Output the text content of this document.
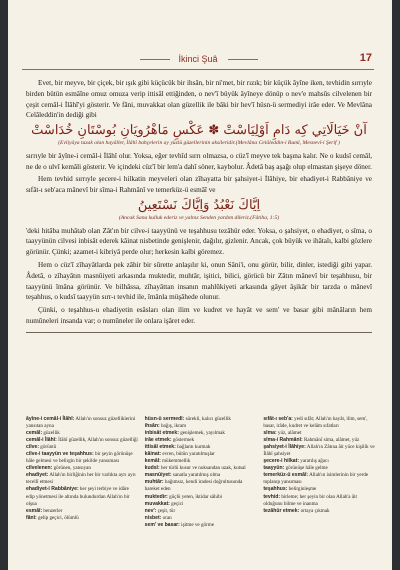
İkinci Şuâ	17

Evet, bir meyve, bir çiçek, bir ışık gibi küçücük bir ihsân, bir ni'met, bir rızık; bir küçük âyîne iken, tevhidin sırrıyle birden bütün esmâîne omuz omuza verip ittisâl ettiğinden, o nev'î büyük âyîneye dönüp o nev'e mahsûs cilvelenen bir çeşit cemâl-i İlâhî'yi gösterir. Ve fâni, muvakkat olan güzellik ile bâki bir hev'î hüsn-ü sermediyi irâe eder. Ve Mevlâna Celâleddin'in dediği gibi

آنْ خَيَالَاتِي كِه دَامِ اَوْلِيَاسْتْ ✽ عَكْسِ مَاهْرُويَانِ بُوسْتَانِ خُدَاسْتْ
(Evliyâya tuzak olan hayâller, İlâhî bahçelerin ay yüzlü güzellerinin aksileridir.(Mevlâna Celâleddin-i Rumî, Mesnevî-i Şerif )

sırrıyle bir âyîne-i cemâl-i İlâhî olur. Yoksa, eğer tevhîd sırrı olmazsa, o cüz'î meyve tek başına kalır. Ne o kudsî cemâl, ne de o ulvî kemâli gösterir. Ve içindeki cüz'î bir lem'a dahî söner, kaybolur. Âdetâ baş aşağı olup elmastan şişeye döner.

Hem tevhid sırrıyle şecere-i hilkatin meyveleri olan zîhayatta bir şahsiyet-i İlâhiye, bir ehadiyet-i Rabbâniye ve sıfât-ı seb'aca mânevî bir sîma-i Rahmânî ve temerküz-ü esmâî ve

اِيَّاكَ نَعْبُدُ وَاِيَّاكَ نَسْتَعِينُ
(Ancak Sana kulluk ederiz ve yalnız Senden yardım dileriz.(Fâtiha, 1:5)

'deki hitâba muhâtab olan Zât'ın bir cilve-i taayyünü ve teşahhusu tezâhür eder. Yoksa, o şahsiyet, o ehadiyet, o sîma, o taayyünün cilvesi inbisât ederek kâinat nisbetinde genişlenir, dağılır, gizlenir. Ancak, çok büyük ve ihâtalı, kalbi gözlere görünür. Çünki; azamet-i kibriyâ perde olur; herkesin kalbi göremez.

Hem o cüz'î zîhayâtlarda pek zâhir bir sûrette anlaşılır ki, onun Sâni'i, onu görür, bilir, dinler, istediği gibi yapar. Âdetâ, o zîhayâtın masnûiyeti arkasında muktedir, muhtâr, işitici, bilici, görücü bir Zâtın mânevî bir teşahhusu, bir taayyünü îmâna görünür. Ve bilhâssa, zîhayâttan insanın mahlûkiyeti arkasında gâyet âşikâr bir tarzda o mânevî teşahhus, o kudsî taayyün sırr-ı tevhid ile, îmânla müşâhede olunur.

Çünki, o teşahhus-u ehadiyetin esâsları olan ilim ve kudret ve hayât ve sem' ve basar gibi mânâların hem numûneleri insanda var; o numûneler ile onlara işâret eder.

âyîne-i cemâl-i İlâhî: Allah'ın sonsuz güzelliklerini yansıtan ayna

cemâl: güzellik

cemâl-i İlâhî: İlâhî güzellik, Allah'ın sonsuz güzelliği

cilve: görüntü

cilve-i taayyün ve teşahhus: bir şeyin görünüşe hâle gelmesi ve belirgin bir şekilde yansıması

cilvelenen: görünen, yansıyan

ehadiyet: Allah'ın birliğinin her bir varlıkta ayrı ayrı tecellî etmesi

ehadiyet-i Rabbâniye: her şeyi terbiye ve idâre edip yönetmesi ile altında bulundurdan Allah'ın bir olşua

esmâî: benzerler

fânî: gelip geçici, ölümlü

hüsn-ü sermedî: sürekli, kalıcı güzellik

ihsân: bağış, ikram

inbisât etmek: genişlemek, yayılmak

irâe etmek: göstermek

ittisâl etmek: bağlantı kurmak

kâinat: evren, bütün yaratılmışlar

kemâl: mükemmellik

kudsî: her türlü kusur ve noksandan uzak, kutsal

masnûiyet: sanatla yaratılmış olma

muhtâr: bağımsız, kendi iradesi doğrultusunda hareket eden

muktedir: güçlü yeten, iktidar sâhibi

muvakkat: geçici

nev': çeşit, tür

nisbet: oran

sem' ve basar: işitme ve görme

sıfât-ı seb'a: yedi sıfât; Allah'ın hayât, ilim, sem', basar, irâde, kudret ve kelâm sıfatları

sîma: yüz, alâmet

sîma-i Rahmânî: Rahmânî sima, alâmet, yüz

şahsiyet-i İlâhiye: Allah'ın Zâtına âit yüce kişilik ve İlâhî şahsiyet

şecere-i hilkat: yaratılış ağacı

taayyün: görünüşe hâle gelme

temerküz-ü esmâî: Allah'ın isimlerinin bir yerde toplanıp yansıması

teşahhus: belirginleşme

tevhid: birleme; her şeyin bir olan Allah'a âit olduğunu bilme ve inanma

tezâhür etmek: ortaya çıkmak
